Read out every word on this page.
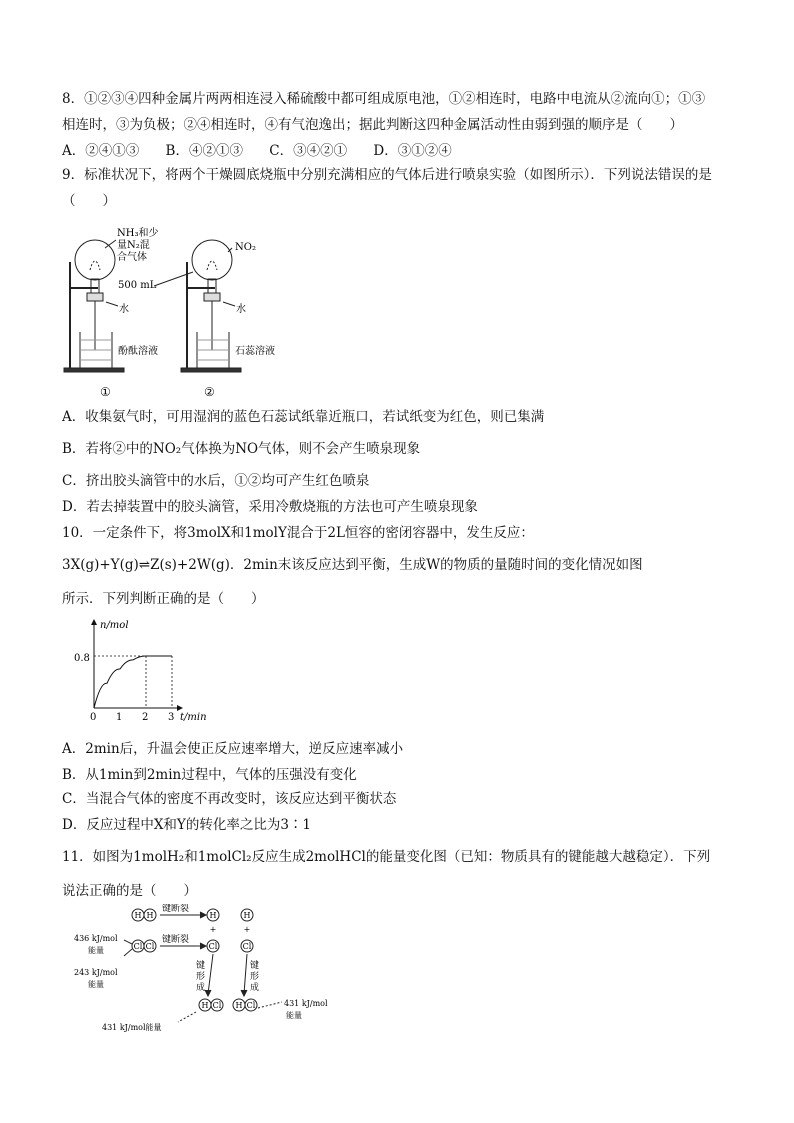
8．①②③④四种金属片两两相连浸入稀硫酸中都可组成原电池，①②相连时，电路中电流从②流向①；①③
相连时，③为负极；②④相连时，④有气泡逸出；据此判断这四种金属活动性由弱到强的顺序是（　　）
A．②④①③ B．④②①③ C．③④②① D．③①②④
9．标准状况下，将两个干燥圆底烧瓶中分别充满相应的气体后进行喷泉实验（如图所示）．下列说法错误的是
（　　）
NH₃和少
量N₂混
合气体
500 mL
NO₂
水	水
酚酞溶液	石蕊溶液
①	②
A．收集氨气时，可用湿润的蓝色石蕊试纸靠近瓶口，若试纸变为红色，则已集满
B．若将②中的NO₂气体换为NO气体，则不会产生喷泉现象
C．挤出胶头滴管中的水后，①②均可产生红色喷泉
D．若去掉装置中的胶头滴管，采用冷敷烧瓶的方法也可产生喷泉现象
10．一定条件下，将3molX和1molY混合于2L恒容的密闭容器中，发生反应：
3X(g)+Y(g)⇌Z(s)+2W(g)．2min末该反应达到平衡，生成W的物质的量随时间的变化情况如图
所示．下列判断正确的是（　　）
n/mol
t/min
0.8
0 1 2 3
A．2min后，升温会使正反应速率增大，逆反应速率减小
B．从1min到2min过程中，气体的压强没有变化
C．当混合气体的密度不再改变时，该反应达到平衡状态
D．反应过程中X和Y的转化率之比为3∶1
11．如图为1molH₂和1molCl₂反应生成2molHCl的能量变化图（已知：物质具有的键能越大越稳定）．下列
说法正确的是（　　）
H H
Cl Cl
H	H
Cl	Cl
H Cl H Cl
+	+
键断裂
键断裂
键
形
成
键
形
成
436 kJ/mol
能量
243 kJ/mol
能量
431 kJ/mol能量
431 kJ/mol
能量
